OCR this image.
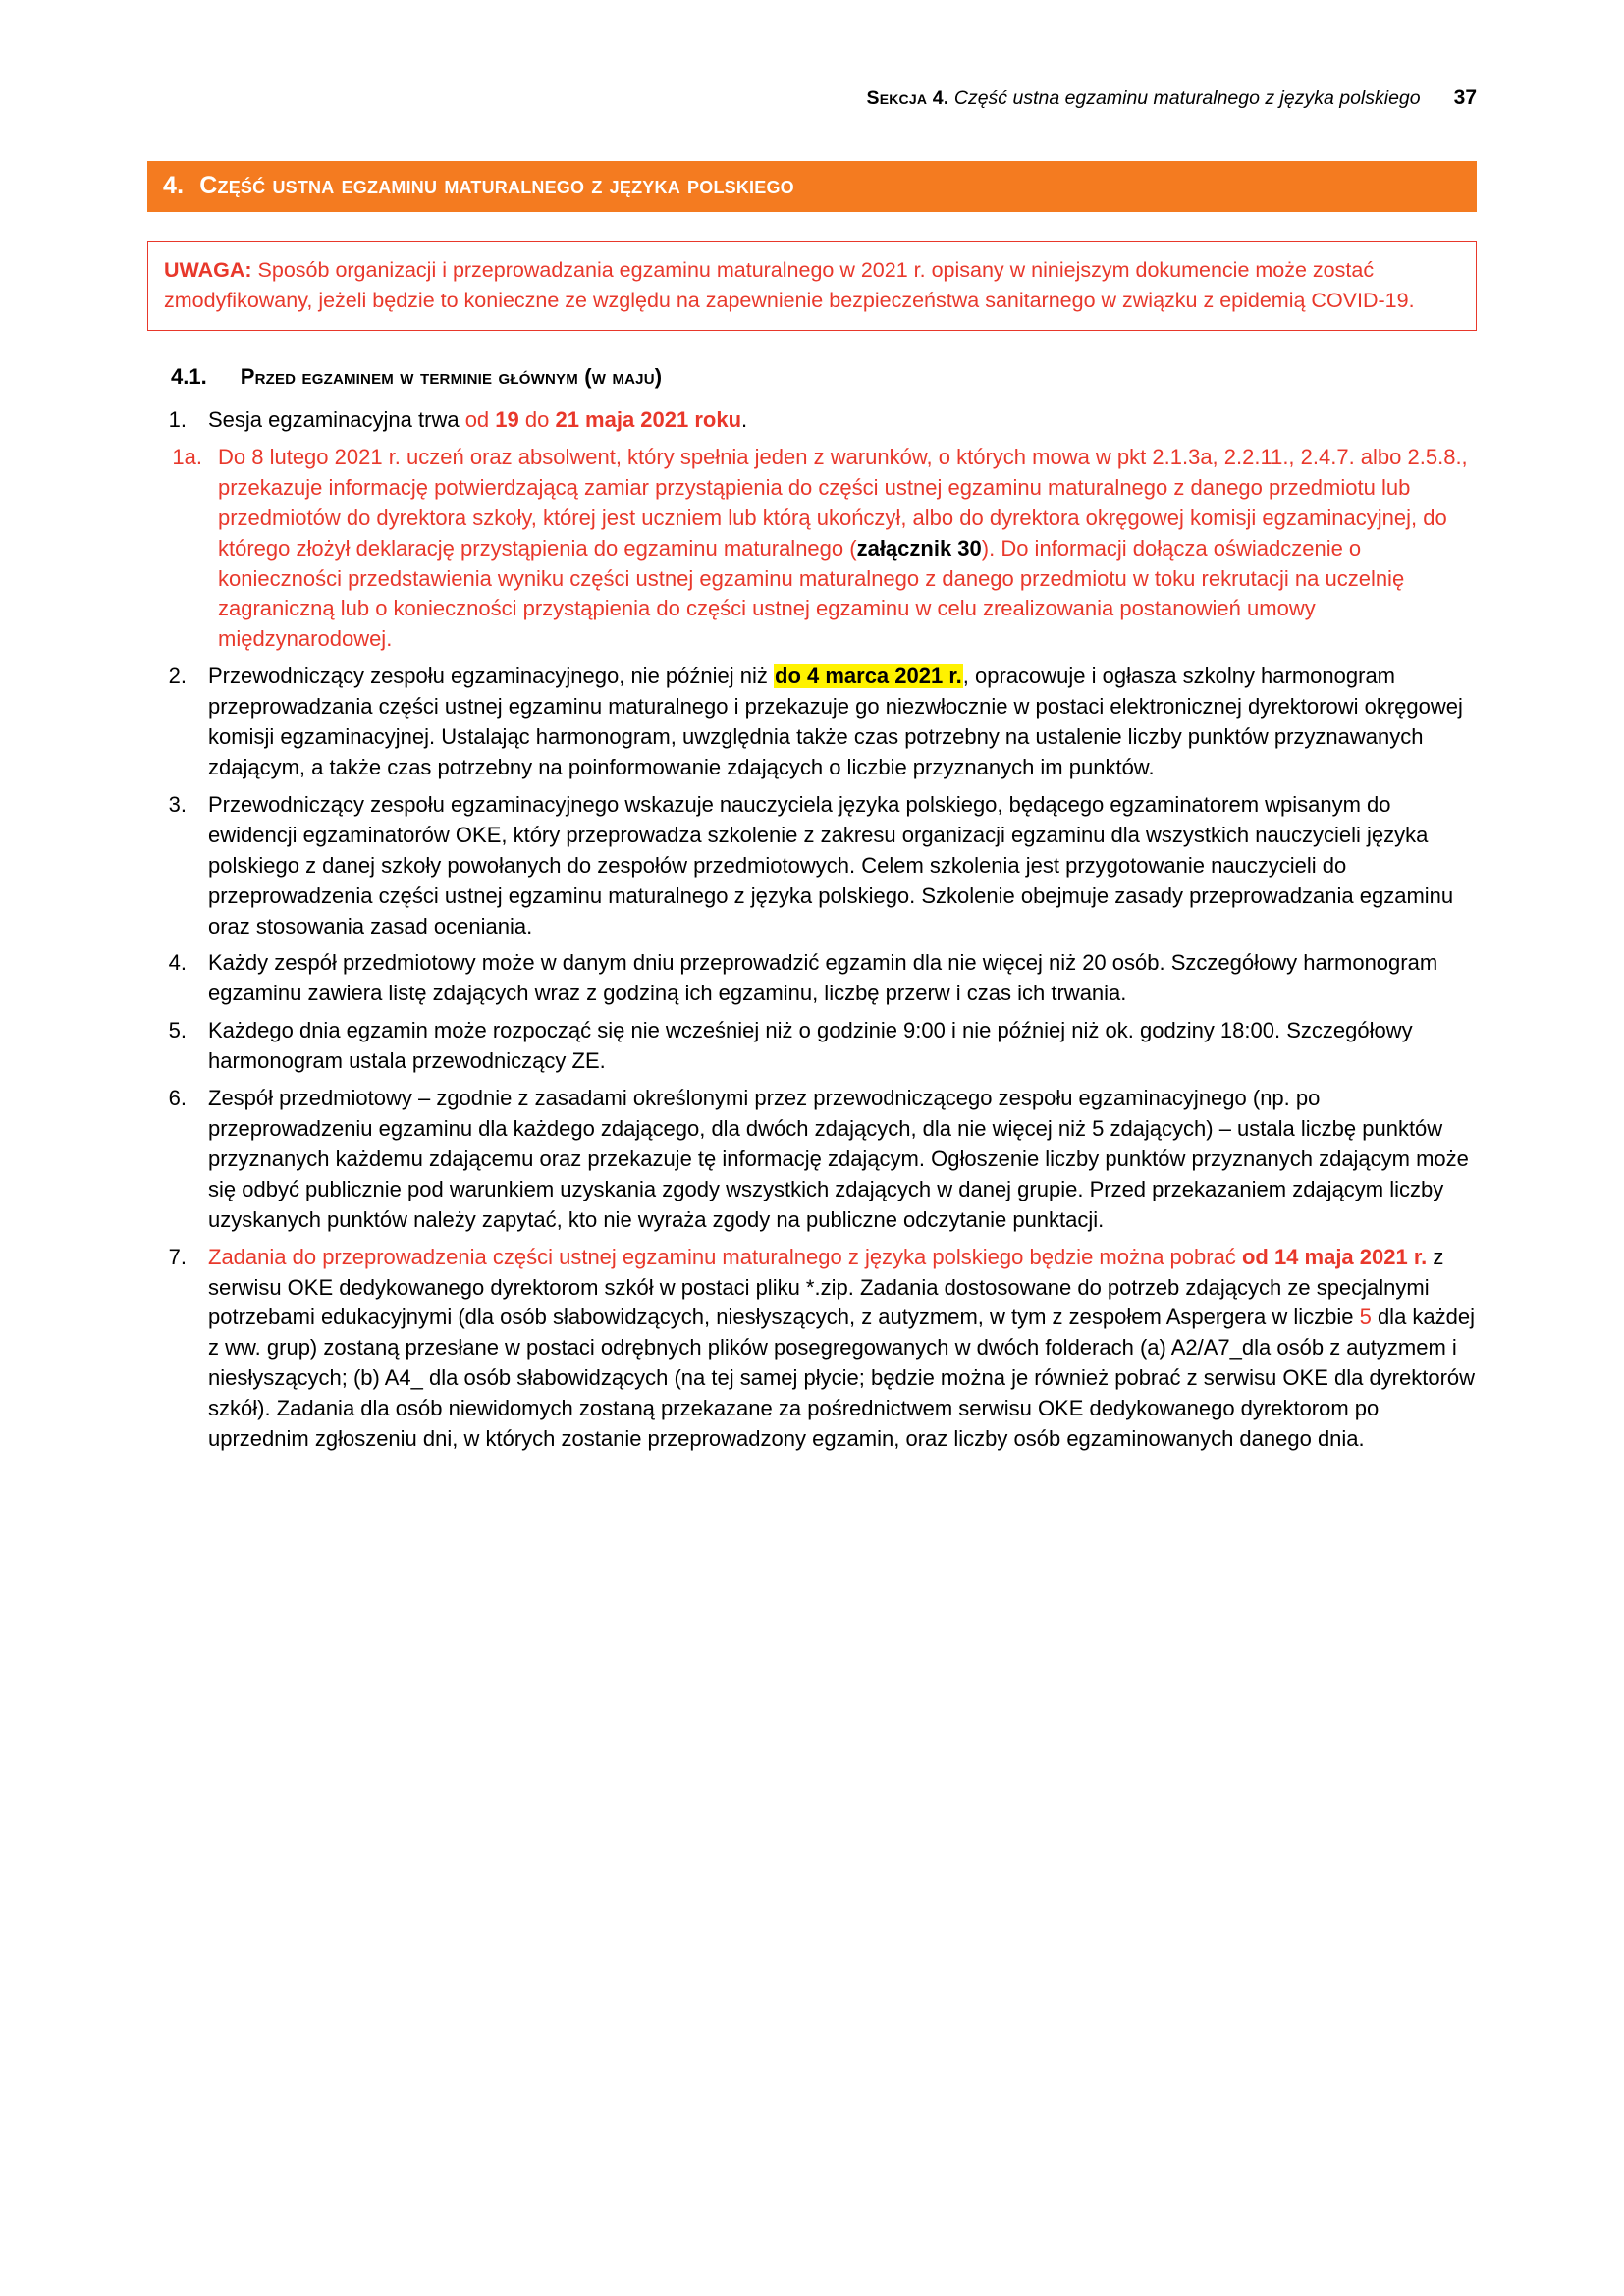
Sekcja 4. Część ustna egzaminu maturalnego z języka polskiego 37
4. Część ustna egzaminu maturalnego z języka polskiego
UWAGA: Sposób organizacji i przeprowadzania egzaminu maturalnego w 2021 r. opisany w niniejszym dokumencie może zostać zmodyfikowany, jeżeli będzie to konieczne ze względu na zapewnienie bezpieczeństwa sanitarnego w związku z epidemią COVID-19.
4.1. Przed egzaminem w terminie głównym (w maju)
1.	Sesja egzaminacyjna trwa od 19 do 21 maja 2021 roku.
1a. Do 8 lutego 2021 r. uczeń oraz absolwent, który spełnia jeden z warunków, o których mowa w pkt 2.1.3a, 2.2.11., 2.4.7. albo 2.5.8., przekazuje informację potwierdzającą zamiar przystąpienia do części ustnej egzaminu maturalnego z danego przedmiotu lub przedmiotów do dyrektora szkoły, której jest uczniem lub którą ukończył, albo do dyrektora okręgowej komisji egzaminacyjnej, do którego złożył deklarację przystąpienia do egzaminu maturalnego (załącznik 30). Do informacji dołącza oświadczenie o konieczności przedstawienia wyniku części ustnej egzaminu maturalnego z danego przedmiotu w toku rekrutacji na uczelnię zagraniczną lub o konieczności przystąpienia do części ustnej egzaminu w celu zrealizowania postanowień umowy międzynarodowej.
2.	Przewodniczący zespołu egzaminacyjnego, nie później niż do 4 marca 2021 r., opracowuje i ogłasza szkolny harmonogram przeprowadzania części ustnej egzaminu maturalnego i przekazuje go niezwłocznie w postaci elektronicznej dyrektorowi okręgowej komisji egzaminacyjnej. Ustalając harmonogram, uwzględnia także czas potrzebny na ustalenie liczby punktów przyznawanych zdającym, a także czas potrzebny na poinformowanie zdających o liczbie przyznanych im punktów.
3.	Przewodniczący zespołu egzaminacyjnego wskazuje nauczyciela języka polskiego, będącego egzaminatorem wpisanym do ewidencji egzaminatorów OKE, który przeprowadza szkolenie z zakresu organizacji egzaminu dla wszystkich nauczycieli języka polskiego z danej szkoły powołanych do zespołów przedmiotowych. Celem szkolenia jest przygotowanie nauczycieli do przeprowadzenia części ustnej egzaminu maturalnego z języka polskiego. Szkolenie obejmuje zasady przeprowadzania egzaminu oraz stosowania zasad oceniania.
4.	Każdy zespół przedmiotowy może w danym dniu przeprowadzić egzamin dla nie więcej niż 20 osób. Szczegółowy harmonogram egzaminu zawiera listę zdających wraz z godziną ich egzaminu, liczbę przerw i czas ich trwania.
5.	Każdego dnia egzamin może rozpocząć się nie wcześniej niż o godzinie 9:00 i nie później niż ok. godziny 18:00. Szczegółowy harmonogram ustala przewodniczący ZE.
6.	Zespół przedmiotowy – zgodnie z zasadami określonymi przez przewodniczącego zespołu egzaminacyjnego (np. po przeprowadzeniu egzaminu dla każdego zdającego, dla dwóch zdających, dla nie więcej niż 5 zdających) – ustala liczbę punktów przyznanych każdemu zdającemu oraz przekazuje tę informację zdającym. Ogłoszenie liczby punktów przyznanych zdającym może się odbyć publicznie pod warunkiem uzyskania zgody wszystkich zdających w danej grupie. Przed przekazaniem zdającym liczby uzyskanych punktów należy zapytać, kto nie wyraża zgody na publiczne odczytanie punktacji.
7.	Zadania do przeprowadzenia części ustnej egzaminu maturalnego z języka polskiego będzie można pobrać od 14 maja 2021 r. z serwisu OKE dedykowanego dyrektorom szkół w postaci pliku *.zip. Zadania dostosowane do potrzeb zdających ze specjalnymi potrzebami edukacyjnymi (dla osób słabowidzących, niesłyszących, z autyzmem, w tym z zespołem Aspergera w liczbie 5 dla każdej z ww. grup) zostaną przesłane w postaci odrębnych plików posegregowanych w dwóch folderach (a) A2/A7_dla osób z autyzmem i niesłyszących; (b) A4_ dla osób słabowidzących (na tej samej płycie; będzie można je również pobrać z serwisu OKE dla dyrektorów szkół). Zadania dla osób niewidomych zostaną przekazane za pośrednictwem serwisu OKE dedykowanego dyrektorom po uprzednim zgłoszeniu dni, w których zostanie przeprowadzony egzamin, oraz liczby osób egzaminowanych danego dnia.
